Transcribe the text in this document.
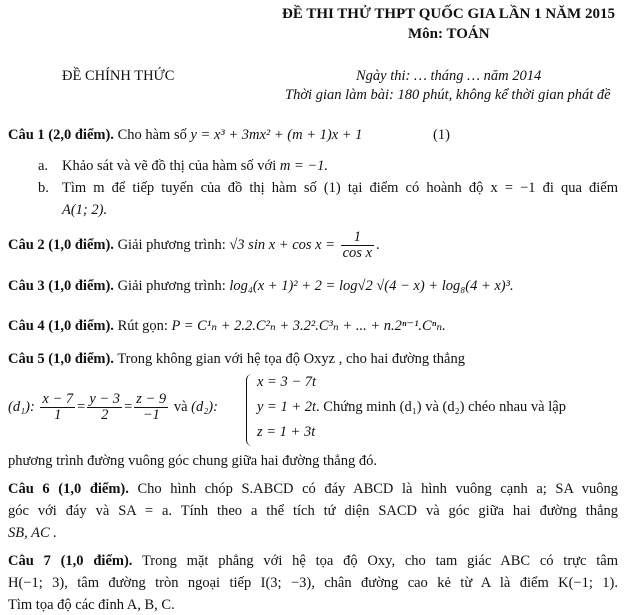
ĐỀ THI THỬ THPT QUỐC GIA LẦN 1 NĂM 2015
Môn: TOÁN
ĐỀ CHÍNH THỨC	Ngày thi: … tháng … năm 2014
Thời gian làm bài: 180 phút, không kể thời gian phát đề
Câu 1 (2,0 điểm). Cho hàm số y = x³ + 3mx² + (m + 1)x + 1	(1)
a. Khảo sát và vẽ đồ thị của hàm số với m = −1.
b. Tìm m để tiếp tuyến của đồ thị hàm số (1) tại điểm có hoành độ x = −1 đi qua điểm
A(1; 2).
Câu 2 (1,0 điểm). Giải phương trình: √3 $\sin x + \cos x = \frac{1}{\text{cos x}}$ .
Câu 3 (1,0 điểm). Giải phương trình: log₄(x + 1)² + 2 = log√2 √(4 − x) + log₈(4 + x)³.
Câu 4 (1,0 điểm). Rút gọn: P = C¹ₙ + 2.2.C²ₙ + 3.2².C³ₙ + ... + n.2ⁿ⁻¹.Cⁿₙ.
Câu 5 (1,0 điểm). Trong không gian với hệ tọa độ Oxyz , cho hai đường thẳng
(d₁): $\frac{x - 7}{1} = \frac{y - 3}{2} = \frac{z - 9}{-1}$ và (d₂):
x = 3 − 7t
y = 1 + 2t. Chứng minh (d₁) và (d₂) chéo nhau và lập
z = 1 + 3t
phương trình đường vuông góc chung giữa hai đường thẳng đó.
Câu 6 (1,0 điểm). Cho hình chóp S.ABCD có đáy ABCD là hình vuông cạnh a; SA vuông
góc với đáy và SA = a. Tính theo a thể tích tứ diện SACD và góc giữa hai đường thẳng
SB, AC .
Câu 7 (1,0 điểm). Trong mặt phẳng với hệ tọa độ Oxy, cho tam giác ABC có trực tâm
H(−1; 3), tâm đường tròn ngoại tiếp I(3; −3), chân đường cao kẻ từ A là điểm K(−1; 1).
Tìm tọa độ các đỉnh A, B, C.
